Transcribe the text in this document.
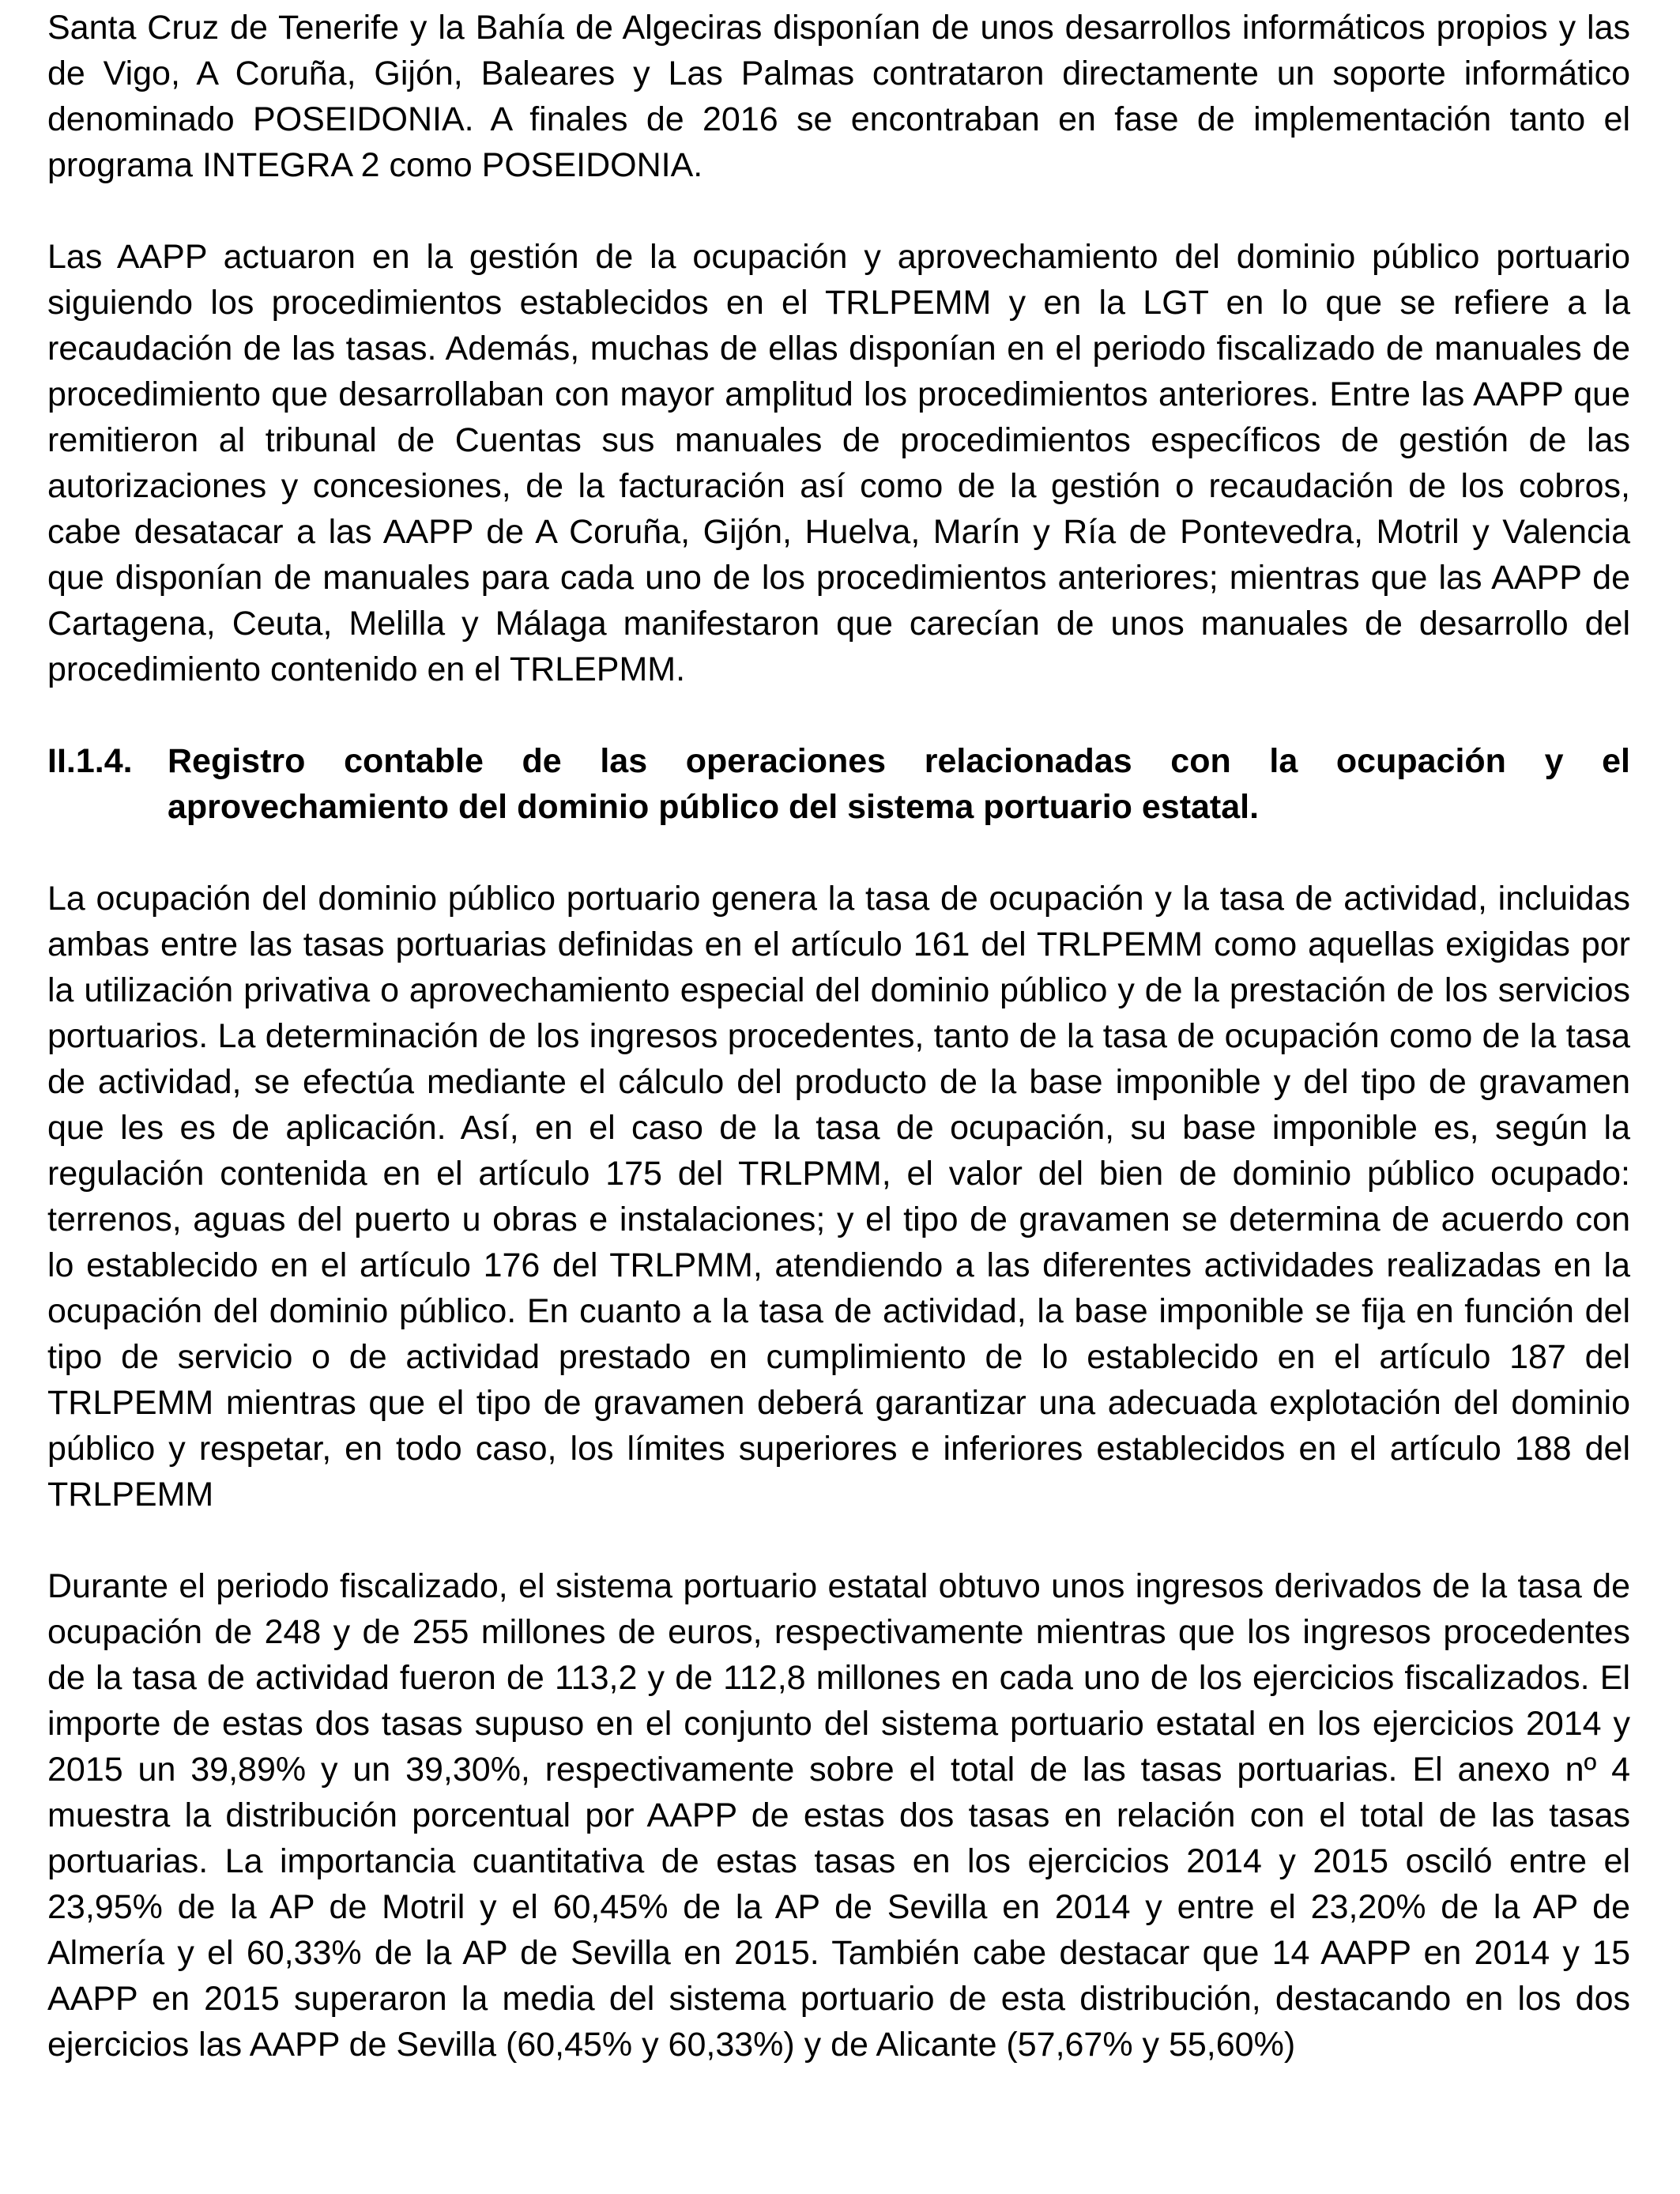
Santa Cruz de Tenerife y la Bahía de Algeciras disponían de unos desarrollos informáticos propios y las de Vigo, A Coruña, Gijón, Baleares y Las Palmas contrataron directamente un soporte informático denominado POSEIDONIA. A finales de 2016 se encontraban en fase de implementación tanto el programa INTEGRA 2 como POSEIDONIA.

Las AAPP actuaron en la gestión de la ocupación y aprovechamiento del dominio público portuario siguiendo los procedimientos establecidos en el TRLPEMM y en la LGT en lo que se refiere a la recaudación de las tasas. Además, muchas de ellas disponían en el periodo fiscalizado de manuales de procedimiento que desarrollaban con mayor amplitud los procedimientos anteriores. Entre las AAPP que remitieron al tribunal de Cuentas sus manuales de procedimientos específicos de gestión de las autorizaciones y concesiones, de la facturación así como de la gestión o recaudación de los cobros, cabe desatacar a las AAPP de A Coruña, Gijón, Huelva, Marín y Ría de Pontevedra, Motril y Valencia que disponían de manuales para cada uno de los procedimientos anteriores; mientras que las AAPP de Cartagena, Ceuta, Melilla y Málaga manifestaron que carecían de unos manuales de desarrollo del procedimiento contenido en el TRLEPMM.

II.1.4.	Registro contable de las operaciones relacionadas con la ocupación y el aprovechamiento del dominio público del sistema portuario estatal.

La ocupación del dominio público portuario genera la tasa de ocupación y la tasa de actividad, incluidas ambas entre las tasas portuarias definidas en el artículo 161 del TRLPEMM como aquellas exigidas por la utilización privativa o aprovechamiento especial del dominio público y de la prestación de los servicios portuarios. La determinación de los ingresos procedentes, tanto de la tasa de ocupación como de la tasa de actividad, se efectúa mediante el cálculo del producto de la base imponible y del tipo de gravamen que les es de aplicación. Así, en el caso de la tasa de ocupación, su base imponible es, según la regulación contenida en el artículo 175 del TRLPMM, el valor del bien de dominio público ocupado: terrenos, aguas del puerto u obras e instalaciones; y el tipo de gravamen se determina de acuerdo con lo establecido en el artículo 176 del TRLPMM, atendiendo a las diferentes actividades realizadas en la ocupación del dominio público. En cuanto a la tasa de actividad, la base imponible se fija en función del tipo de servicio o de actividad prestado en cumplimiento de lo establecido en el artículo 187 del TRLPEMM mientras que el tipo de gravamen deberá garantizar una adecuada explotación del dominio público y respetar, en todo caso, los límites superiores e inferiores establecidos en el artículo 188 del TRLPEMM

Durante el periodo fiscalizado, el sistema portuario estatal obtuvo unos ingresos derivados de la tasa de ocupación de 248 y de 255 millones de euros, respectivamente mientras que los ingresos procedentes de la tasa de actividad fueron de 113,2 y de 112,8 millones en cada uno de los ejercicios fiscalizados. El importe de estas dos tasas supuso en el conjunto del sistema portuario estatal en los ejercicios 2014 y 2015 un 39,89% y un 39,30%, respectivamente sobre el total de las tasas portuarias. El anexo nº 4 muestra la distribución porcentual por AAPP de estas dos tasas en relación con el total de las tasas portuarias. La importancia cuantitativa de estas tasas en los ejercicios 2014 y 2015 osciló entre el 23,95% de la AP de Motril y el 60,45% de la AP de Sevilla en 2014 y entre el 23,20% de la AP de Almería y el 60,33% de la AP de Sevilla en 2015. También cabe destacar que 14 AAPP en 2014 y 15 AAPP en 2015 superaron la media del sistema portuario de esta distribución, destacando en los dos ejercicios las AAPP de Sevilla (60,45% y 60,33%) y de Alicante (57,67% y 55,60%)
